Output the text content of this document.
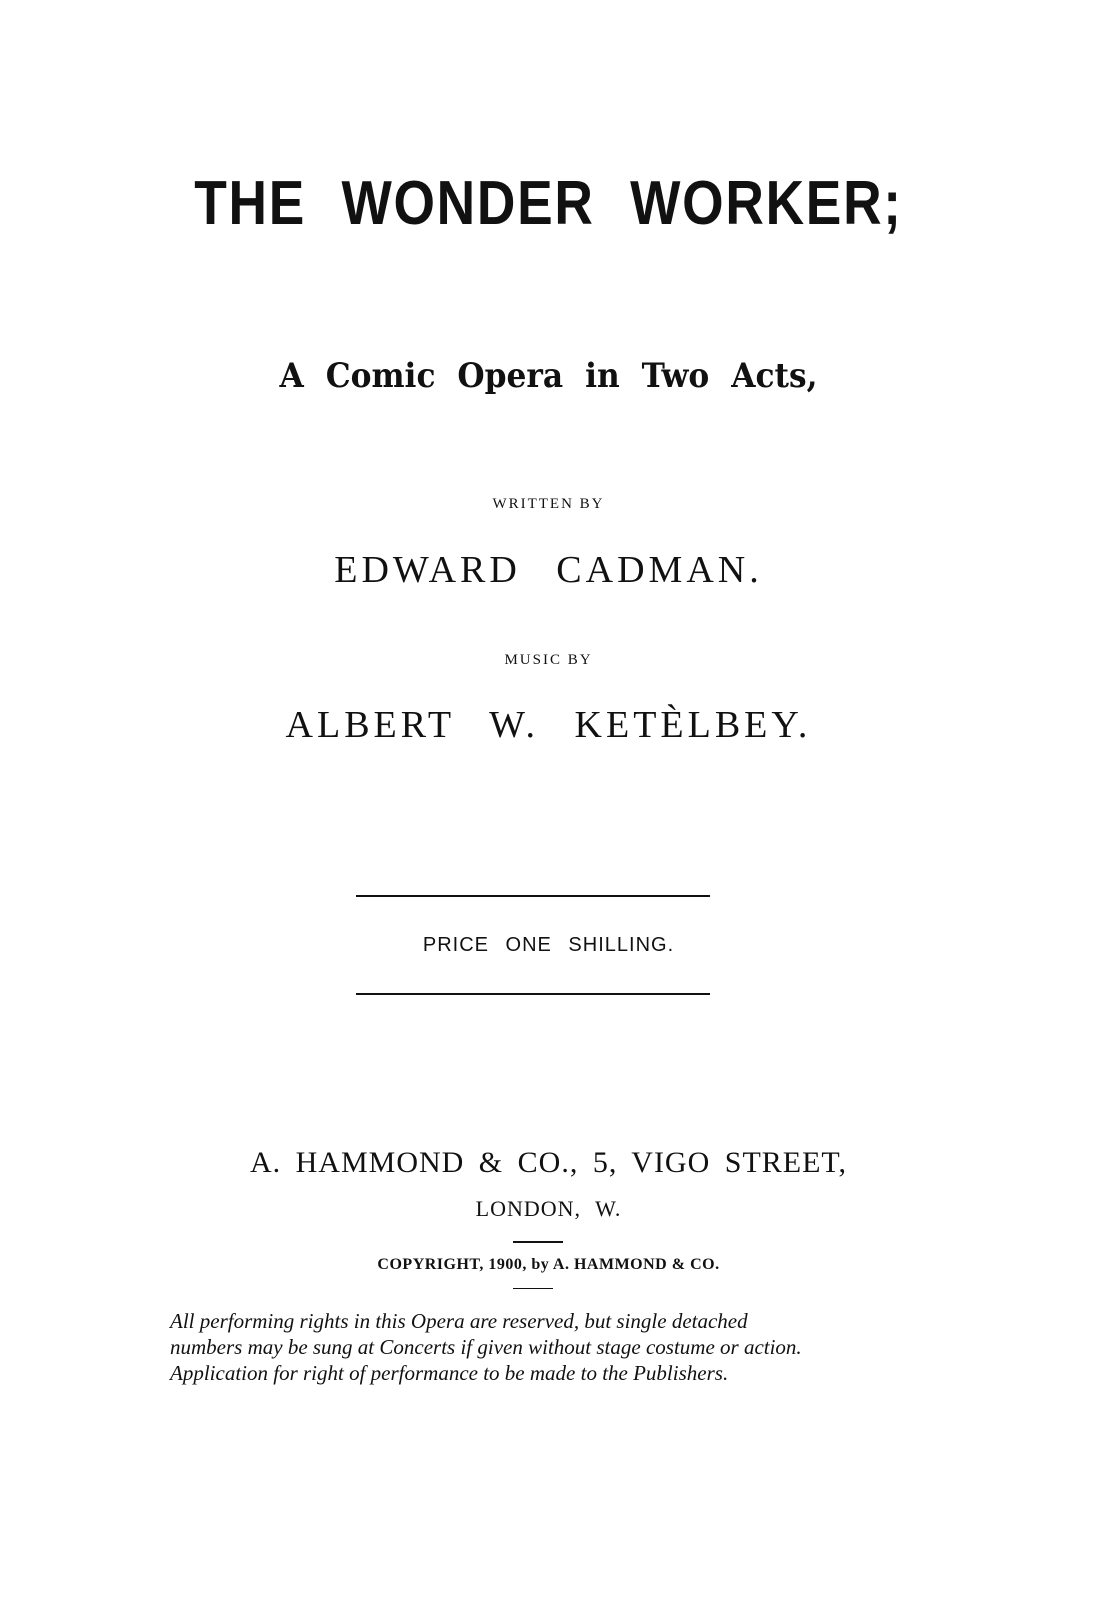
THE WONDER WORKER;
A Comic Opera in Two Acts,
WRITTEN BY
EDWARD CADMAN.
MUSIC BY
ALBERT W. KETÈLBEY.
PRICE ONE SHILLING.
A. HAMMOND & CO., 5, VIGO STREET,
LONDON, W.
COPYRIGHT, 1900, by A. HAMMOND & CO.
All performing rights in this Opera are reserved, but single detached
numbers may be sung at Concerts if given without stage costume or action.
Application for right of performance to be made to the Publishers.
